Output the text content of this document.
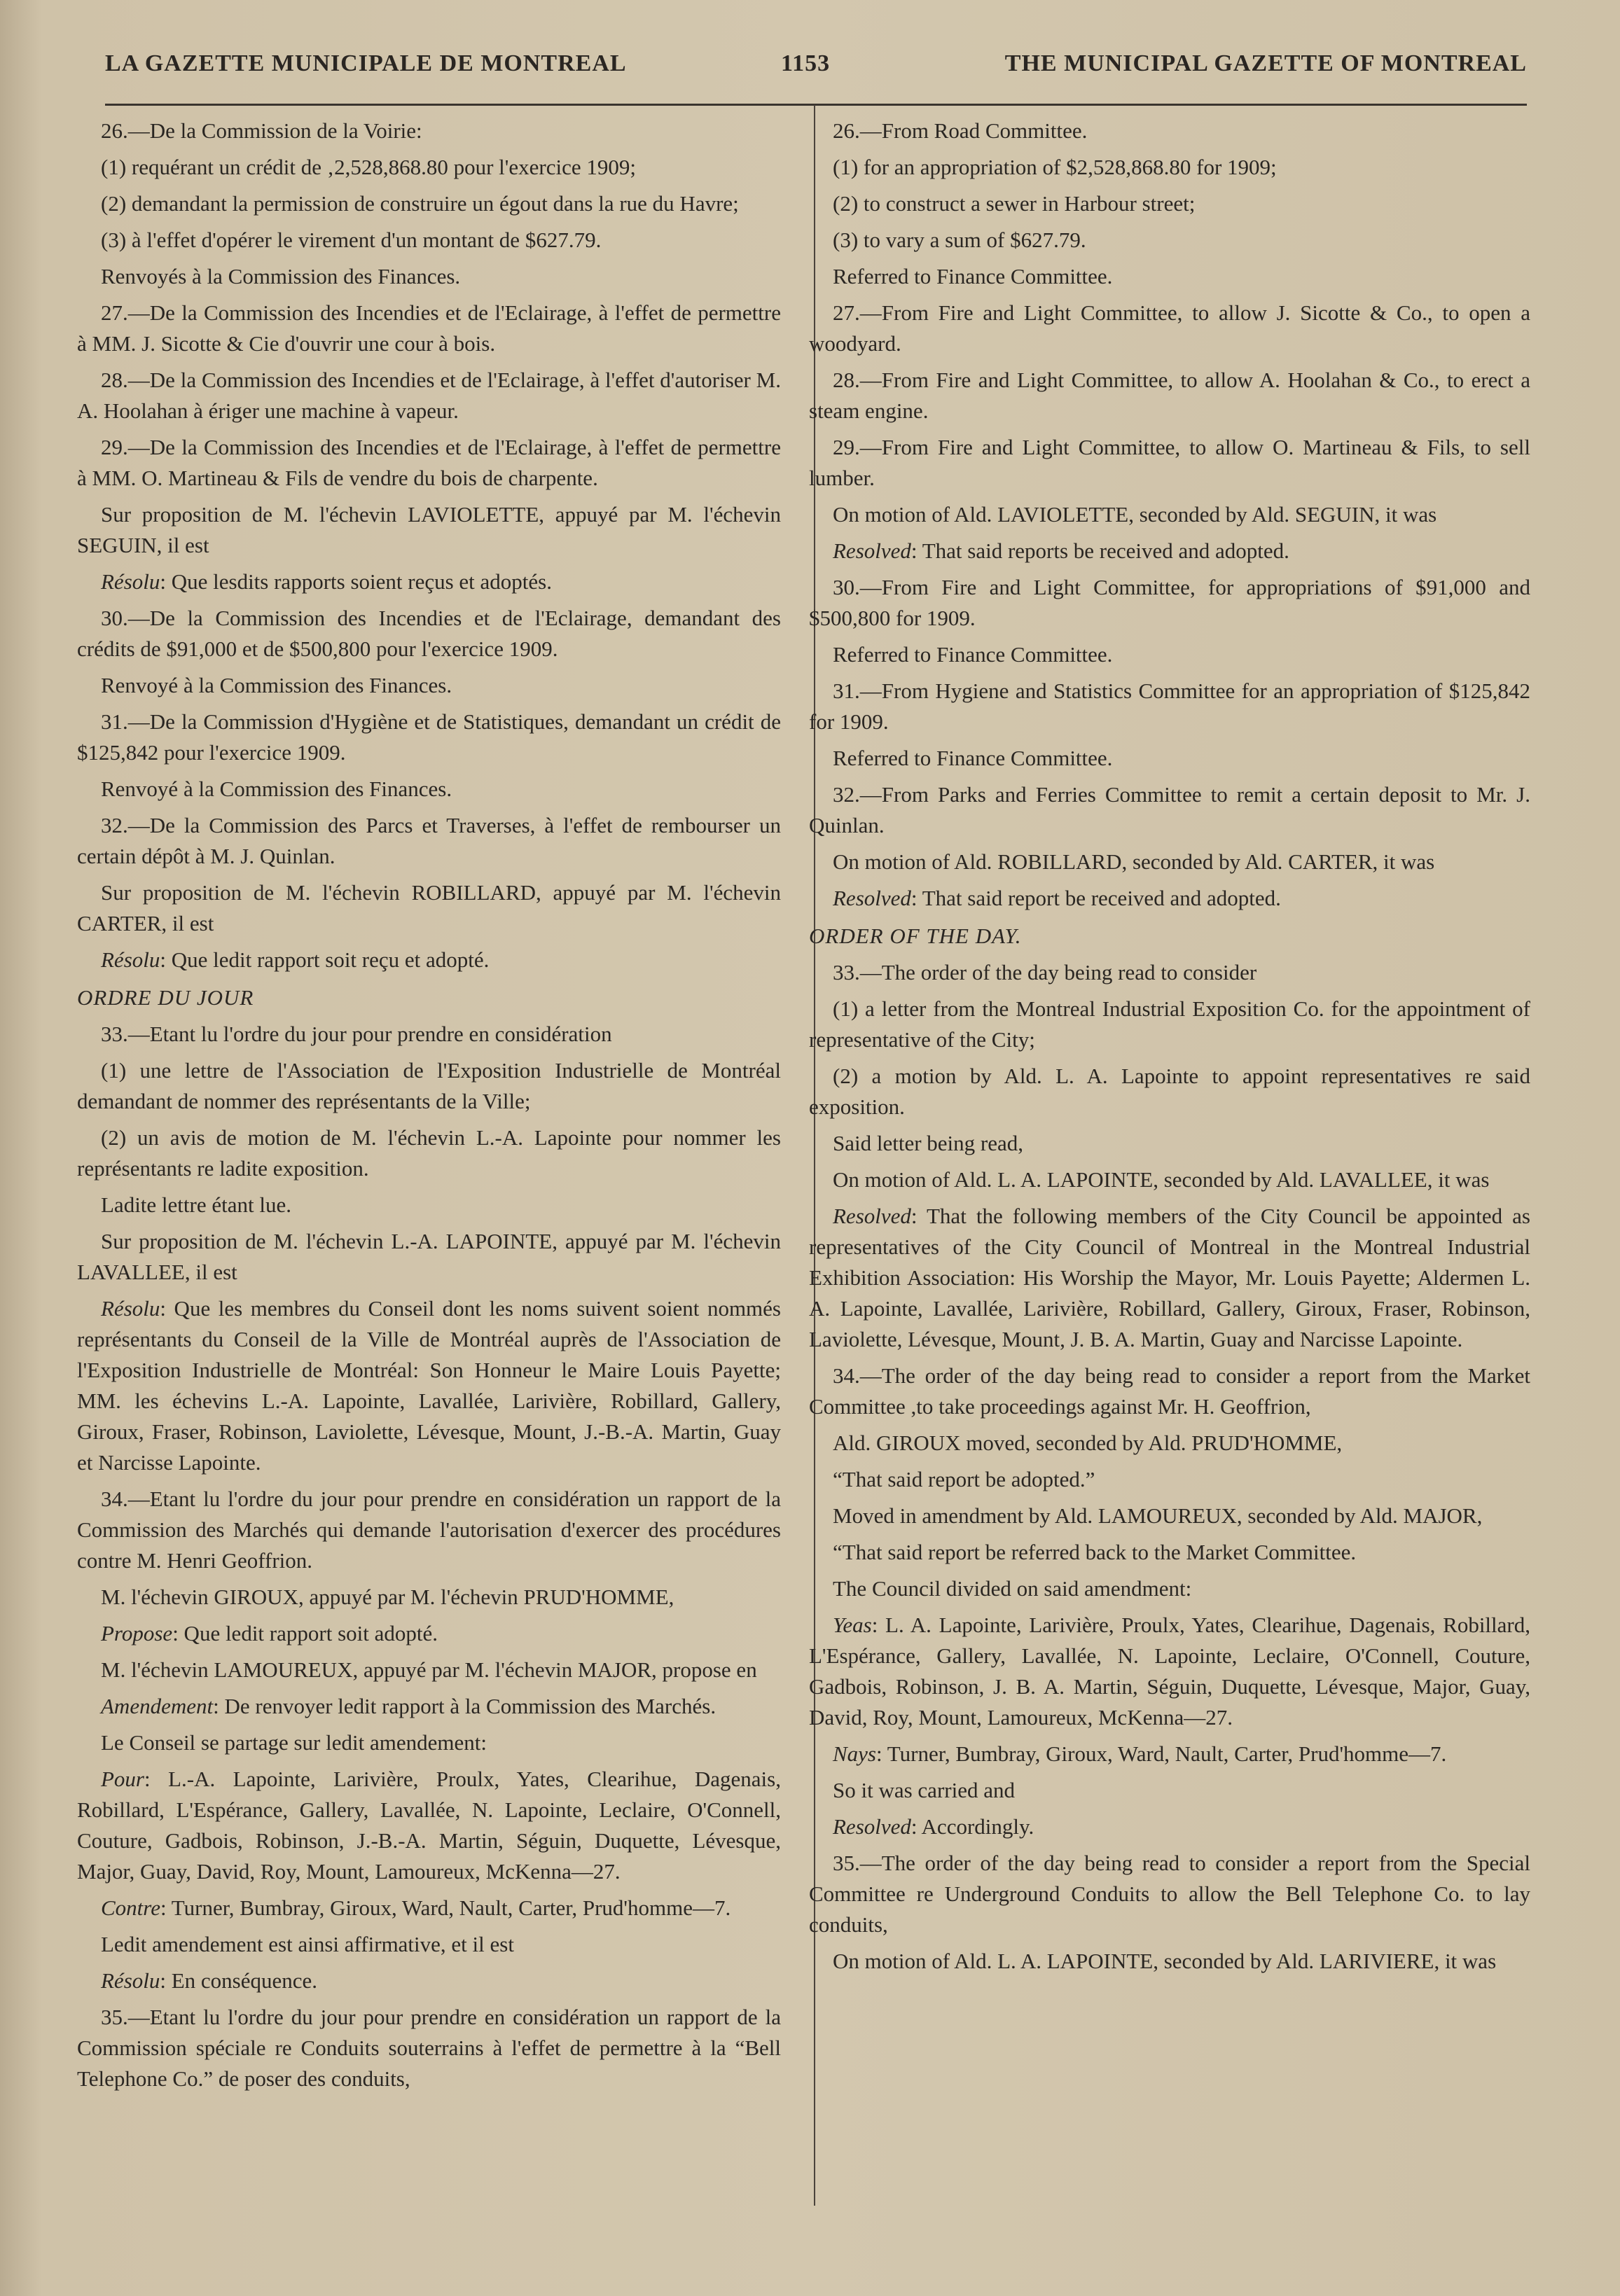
LA GAZETTE MUNICIPALE DE MONTREAL	1153	THE MUNICIPAL GAZETTE OF MONTREAL

26.—De la Commission de la Voirie:

(1) requérant un crédit de ‚2,528,868.80 pour l'exercice 1909;

(2) demandant la permission de construire un égout dans la rue du Havre;

(3) à l'effet d'opérer le virement d'un montant de $627.79.

Renvoyés à la Commission des Finances.

27.—De la Commission des Incendies et de l'Eclairage, à l'effet de permettre à MM. J. Sicotte & Cie d'ouvrir une cour à bois.

28.—De la Commission des Incendies et de l'Eclairage, à l'effet d'autoriser M. A. Hoolahan à ériger une machine à vapeur.

29.—De la Commission des Incendies et de l'Eclairage, à l'effet de permettre à MM. O. Martineau & Fils de vendre du bois de charpente.

Sur proposition de M. l'échevin LAVIOLETTE, appuyé par M. l'échevin SEGUIN, il est

Résolu: Que lesdits rapports soient reçus et adoptés.

30.—De la Commission des Incendies et de l'Eclairage, demandant des crédits de $91,000 et de $500,800 pour l'exercice 1909.

Renvoyé à la Commission des Finances.

31.—De la Commission d'Hygiène et de Statistiques, demandant un crédit de $125,842 pour l'exercice 1909.

Renvoyé à la Commission des Finances.

32.—De la Commission des Parcs et Traverses, à l'effet de rembourser un certain dépôt à M. J. Quinlan.

Sur proposition de M. l'échevin ROBILLARD, appuyé par M. l'échevin CARTER, il est

Résolu: Que ledit rapport soit reçu et adopté.

ORDRE DU JOUR

33.—Etant lu l'ordre du jour pour prendre en considération

(1) une lettre de l'Association de l'Exposition Industrielle de Montréal demandant de nommer des représentants de la Ville;

(2) un avis de motion de M. l'échevin L.-A. Lapointe pour nommer les représentants re ladite exposition.

Ladite lettre étant lue.

Sur proposition de M. l'échevin L.-A. LAPOINTE, appuyé par M. l'échevin LAVALLEE, il est

Résolu: Que les membres du Conseil dont les noms suivent soient nommés représentants du Conseil de la Ville de Montréal auprès de l'Association de l'Exposition Industrielle de Montréal: Son Honneur le Maire Louis Payette; MM. les échevins L.-A. Lapointe, Lavallée, Larivière, Robillard, Gallery, Giroux, Fraser, Robinson, Laviolette, Lévesque, Mount, J.-B.-A. Martin, Guay et Narcisse Lapointe.

34.—Etant lu l'ordre du jour pour prendre en considération un rapport de la Commission des Marchés qui demande l'autorisation d'exercer des procédures contre M. Henri Geoffrion.

M. l'échevin GIROUX, appuyé par M. l'échevin PRUD'HOMME,

Propose: Que ledit rapport soit adopté.

M. l'échevin LAMOUREUX, appuyé par M. l'échevin MAJOR, propose en

Amendement: De renvoyer ledit rapport à la Commission des Marchés.

Le Conseil se partage sur ledit amendement:

Pour: L.-A. Lapointe, Larivière, Proulx, Yates, Clearihue, Dagenais, Robillard, L'Espérance, Gallery, Lavallée, N. Lapointe, Leclaire, O'Connell, Couture, Gadbois, Robinson, J.-B.-A. Martin, Séguin, Duquette, Lévesque, Major, Guay, David, Roy, Mount, Lamoureux, McKenna—27.

Contre: Turner, Bumbray, Giroux, Ward, Nault, Carter, Prud'homme—7.

Ledit amendement est ainsi affirmative, et il est

Résolu: En conséquence.

35.—Etant lu l'ordre du jour pour prendre en considération un rapport de la Commission spéciale re Conduits souterrains à l'effet de permettre à la “Bell Telephone Co.” de poser des conduits,

26.—From Road Committee.

(1) for an appropriation of $2,528,868.80 for 1909;

(2) to construct a sewer in Harbour street;

(3) to vary a sum of $627.79.

Referred to Finance Committee.

27.—From Fire and Light Committee, to allow J. Sicotte & Co., to open a woodyard.

28.—From Fire and Light Committee, to allow A. Hoolahan & Co., to erect a steam engine.

29.—From Fire and Light Committee, to allow O. Martineau & Fils, to sell lumber.

On motion of Ald. LAVIOLETTE, seconded by Ald. SEGUIN, it was

Resolved: That said reports be received and adopted.

30.—From Fire and Light Committee, for appropriations of $91,000 and $500,800 for 1909.

Referred to Finance Committee.

31.—From Hygiene and Statistics Committee for an appropriation of $125,842 for 1909.

Referred to Finance Committee.

32.—From Parks and Ferries Committee to remit a certain deposit to Mr. J. Quinlan.

On motion of Ald. ROBILLARD, seconded by Ald. CARTER, it was

Resolved: That said report be received and adopted.

ORDER OF THE DAY.

33.—The order of the day being read to consider

(1) a letter from the Montreal Industrial Exposition Co. for the appointment of representative of the City;

(2) a motion by Ald. L. A. Lapointe to appoint representatives re said exposition.

Said letter being read,

On motion of Ald. L. A. LAPOINTE, seconded by Ald. LAVALLEE, it was

Resolved: That the following members of the City Council be appointed as representatives of the City Council of Montreal in the Montreal Industrial Exhibition Association: His Worship the Mayor, Mr. Louis Payette; Aldermen L. A. Lapointe, Lavallée, Larivière, Robillard, Gallery, Giroux, Fraser, Robinson, Laviolette, Lévesque, Mount, J. B. A. Martin, Guay and Narcisse Lapointe.

34.—The order of the day being read to consider a report from the Market Committee ,to take proceedings against Mr. H. Geoffrion,

Ald. GIROUX moved, seconded by Ald. PRUD'HOMME,

“That said report be adopted.”

Moved in amendment by Ald. LAMOUREUX, seconded by Ald. MAJOR,

“That said report be referred back to the Market Committee.

The Council divided on said amendment:

Yeas: L. A. Lapointe, Larivière, Proulx, Yates, Clearihue, Dagenais, Robillard, L'Espérance, Gallery, Lavallée, N. Lapointe, Leclaire, O'Connell, Couture, Gadbois, Robinson, J. B. A. Martin, Séguin, Duquette, Lévesque, Major, Guay, David, Roy, Mount, Lamoureux, McKenna—27.

Nays: Turner, Bumbray, Giroux, Ward, Nault, Carter, Prud'homme—7.

So it was carried and

Resolved: Accordingly.

35.—The order of the day being read to consider a report from the Special Committee re Underground Conduits to allow the Bell Telephone Co. to lay conduits,

On motion of Ald. L. A. LAPOINTE, seconded by Ald. LARIVIERE, it was
